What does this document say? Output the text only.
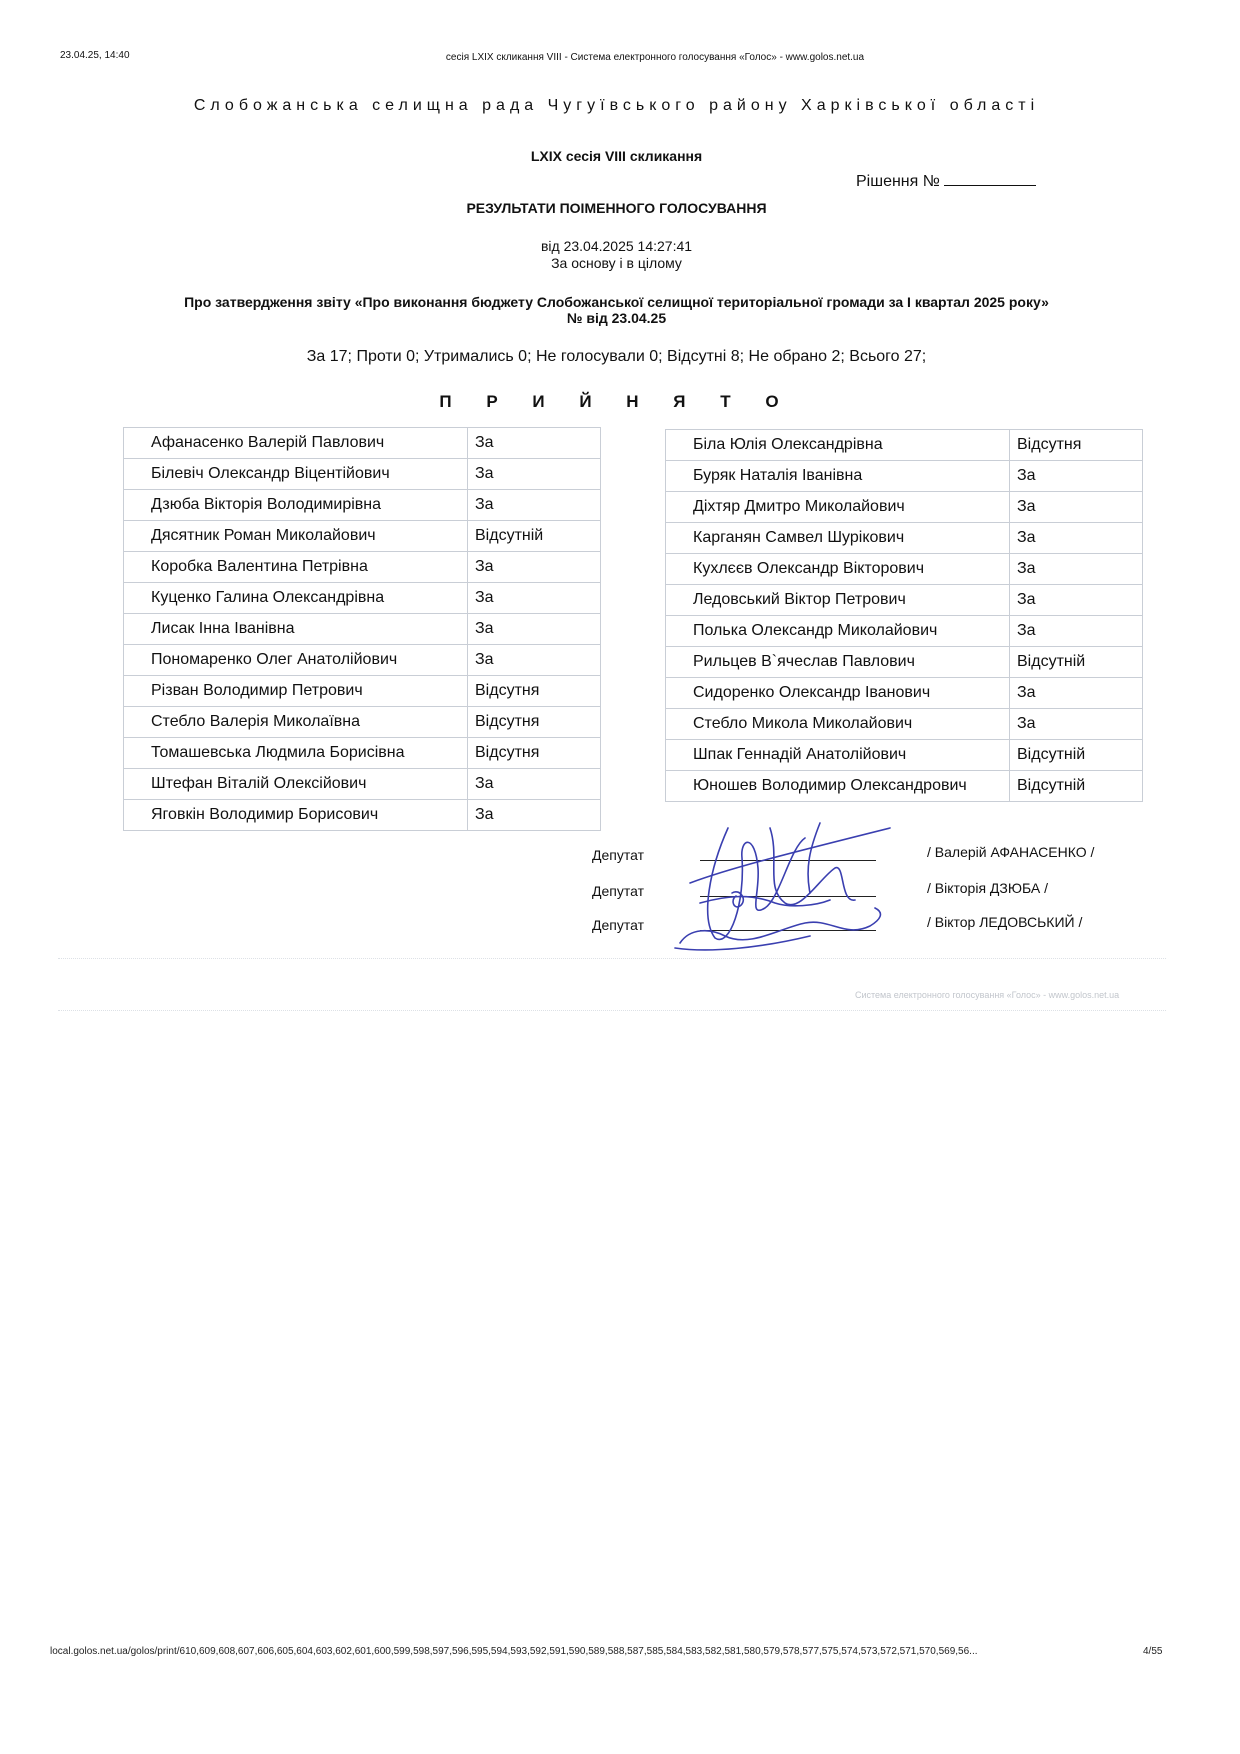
23.04.25, 14:40	сесія LXIX скликання VIII - Система електронного голосування «Голос» - www.golos.net.ua
Слобожанська селищна рада Чугуївського району Харківської області
LXIX сесія VIII скликання
Рішення №
РЕЗУЛЬТАТИ ПОІМЕННОГО ГОЛОСУВАННЯ
від 23.04.2025 14:27:41
За основу і в цілому
Про затвердження звіту «Про виконання бюджету Слобожанської селищної територіальної громади за І квартал 2025 року»
№ від 23.04.25
За 17; Проти 0; Утримались 0; Не голосували 0; Відсутні 8; Не обрано 2; Всього 27;
П Р И Й Н Я Т О
Афанасенко Валерій Павлович	За
Білевіч Олександр Віцентійович	За
Дзюба Вікторія Володимирівна	За
Дясятник Роман Миколайович	Відсутній
Коробка Валентина Петрівна	За
Куценко Галина Олександрівна	За
Лисак Інна Іванівна	За
Пономаренко Олег Анатолійович	За
Різван Володимир Петрович	Відсутня
Стебло Валерія Миколаївна	Відсутня
Томашевська Людмила Борисівна	Відсутня
Штефан Віталій Олексійович	За
Яговкін Володимир Борисович	За
Біла Юлія Олександрівна	Відсутня
Буряк Наталія Іванівна	За
Діхтяр Дмитро Миколайович	За
Карганян Самвел Шурікович	За
Кухлєєв Олександр Вікторович	За
Ледовський Віктор Петрович	За
Полька Олександр Миколайович	За
Рильцев В`ячеслав Павлович	Відсутній
Сидоренко Олександр Іванович	За
Стебло Микола Миколайович	За
Шпак Геннадій Анатолійович	Відсутній
Юношев Володимир Олександрович	Відсутній
Депутат	/ Валерій АФАНАСЕНКО /
Депутат	/ Вікторія ДЗЮБА /
Депутат	/ Віктор ЛЕДОВСЬКИЙ /
Система електронного голосування «Голос» - www.golos.net.ua
local.golos.net.ua/golos/print/610,609,608,607,606,605,604,603,602,601,600,599,598,597,596,595,594,593,592,591,590,589,588,587,585,584,583,582,581,580,579,578,577,575,574,573,572,571,570,569,56...	4/55
